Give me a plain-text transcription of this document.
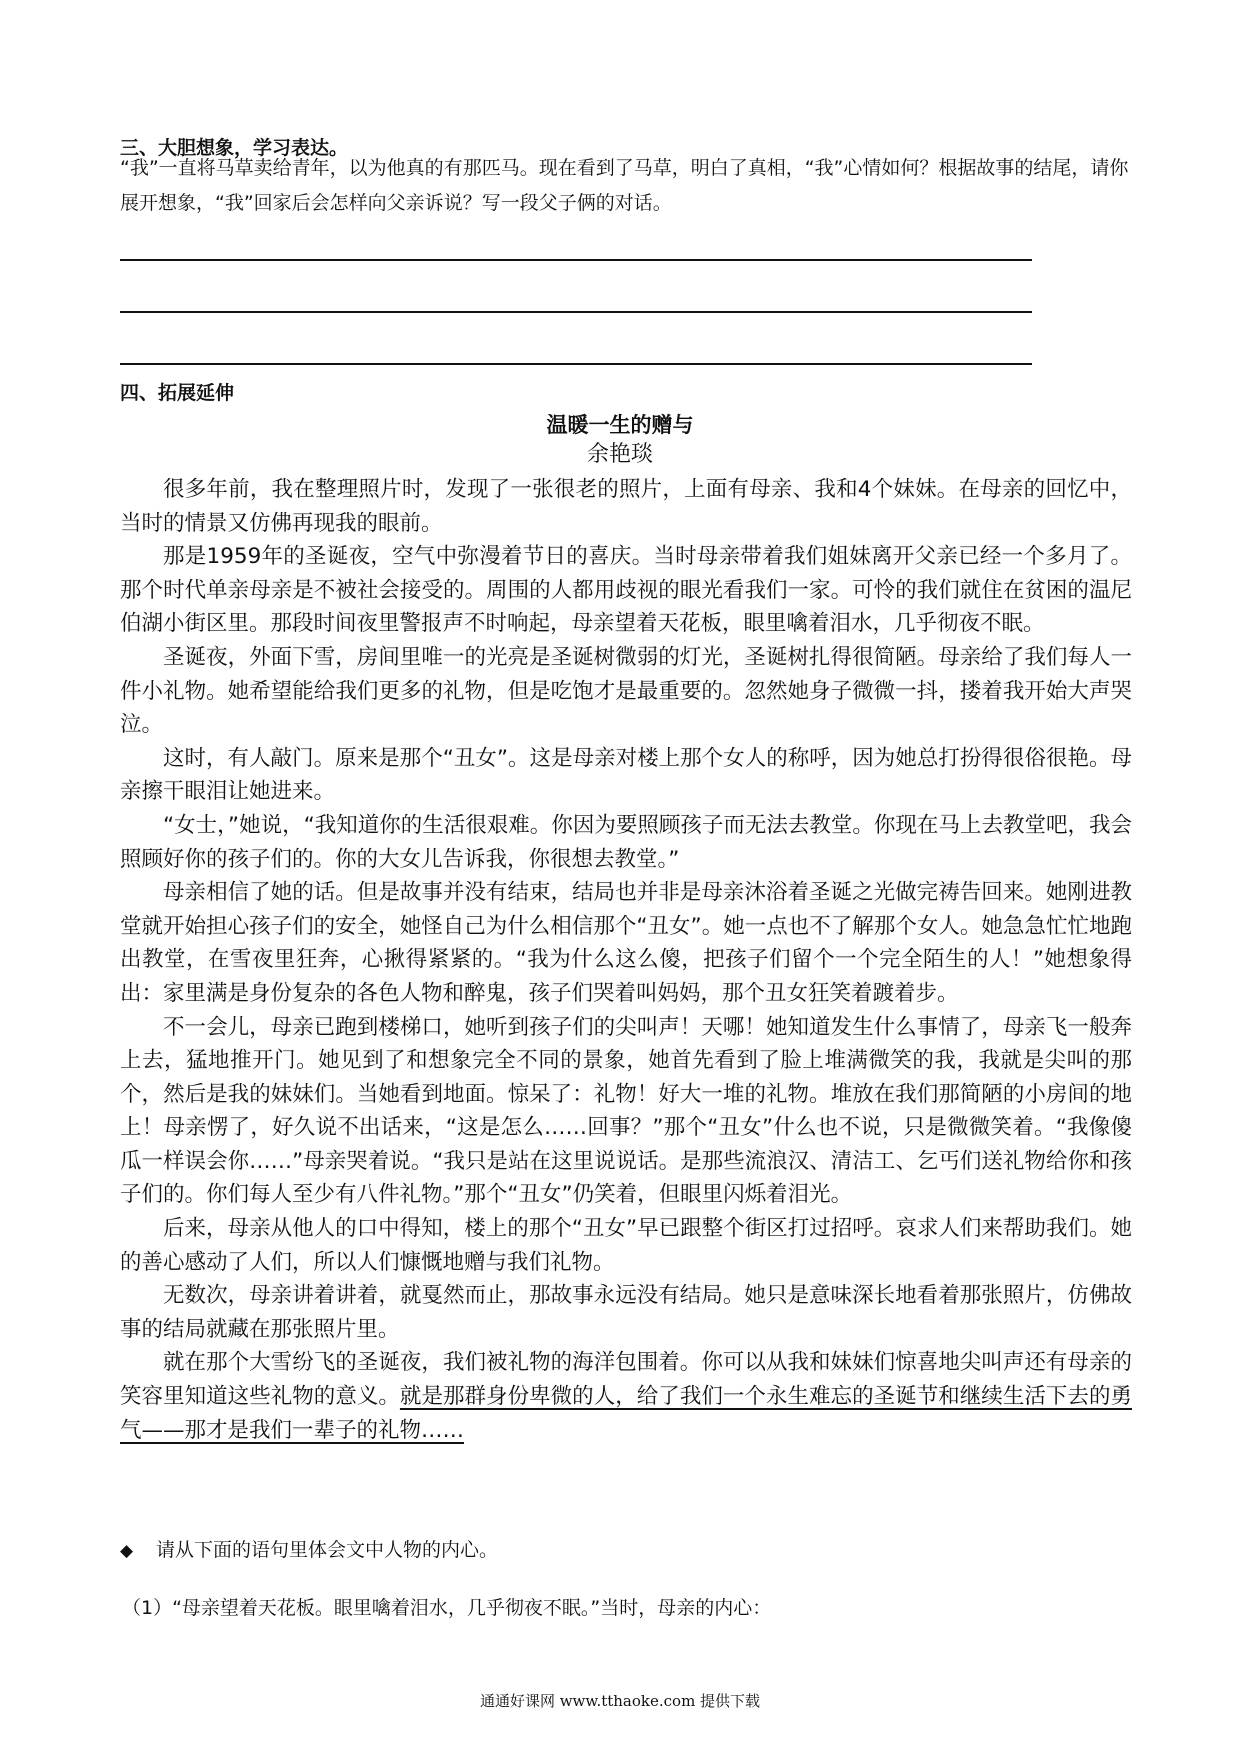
三、大胆想象，学习表达。
“我”一直将马草卖给青年，以为他真的有那匹马。现在看到了马草，明白了真相，“我”心情如何？根据故事的结尾，请你展开想象，“我”回家后会怎样向父亲诉说？写一段父子俩的对话。
四、拓展延伸
温暖一生的赠与
余艳琰

很多年前，我在整理照片时，发现了一张很老的照片，上面有母亲、我和4个妹妹。在母亲的回忆中，当时的情景又仿佛再现我的眼前。

那是1959年的圣诞夜，空气中弥漫着节日的喜庆。当时母亲带着我们姐妹离开父亲已经一个多月了。那个时代单亲母亲是不被社会接受的。周围的人都用歧视的眼光看我们一家。可怜的我们就住在贫困的温尼伯湖小街区里。那段时间夜里警报声不时响起，母亲望着天花板，眼里噙着泪水，几乎彻夜不眠。

圣诞夜，外面下雪，房间里唯一的光亮是圣诞树微弱的灯光，圣诞树扎得很简陋。母亲给了我们每人一件小礼物。她希望能给我们更多的礼物，但是吃饱才是最重要的。忽然她身子微微一抖，搂着我开始大声哭泣。

这时，有人敲门。原来是那个“丑女”。这是母亲对楼上那个女人的称呼，因为她总打扮得很俗很艳。母亲擦干眼泪让她进来。

“女士，”她说，“我知道你的生活很艰难。你因为要照顾孩子而无法去教堂。你现在马上去教堂吧，我会照顾好你的孩子们的。你的大女儿告诉我，你很想去教堂。”

母亲相信了她的话。但是故事并没有结束，结局也并非是母亲沐浴着圣诞之光做完祷告回来。她刚进教堂就开始担心孩子们的安全，她怪自己为什么相信那个“丑女”。她一点也不了解那个女人。她急急忙忙地跑出教堂，在雪夜里狂奔，心揪得紧紧的。“我为什么这么傻，把孩子们留个一个完全陌生的人！”她想象得出：家里满是身份复杂的各色人物和醉鬼，孩子们哭着叫妈妈，那个丑女狂笑着踱着步。

不一会儿，母亲已跑到楼梯口，她听到孩子们的尖叫声！天哪！她知道发生什么事情了，母亲飞一般奔上去，猛地推开门。她见到了和想象完全不同的景象，她首先看到了脸上堆满微笑的我，我就是尖叫的那个，然后是我的妹妹们。当她看到地面。惊呆了：礼物！好大一堆的礼物。堆放在我们那简陋的小房间的地上！母亲愣了，好久说不出话来，“这是怎么……回事？”那个“丑女”什么也不说，只是微微笑着。“我像傻瓜一样误会你……”母亲哭着说。“我只是站在这里说说话。是那些流浪汉、清洁工、乞丐们送礼物给你和孩子们的。你们每人至少有八件礼物。”那个“丑女”仍笑着，但眼里闪烁着泪光。

后来，母亲从他人的口中得知，楼上的那个“丑女”早已跟整个街区打过招呼。哀求人们来帮助我们。她的善心感动了人们，所以人们慷慨地赠与我们礼物。

无数次，母亲讲着讲着，就戛然而止，那故事永远没有结局。她只是意味深长地看着那张照片，仿佛故事的结局就藏在那张照片里。

就在那个大雪纷飞的圣诞夜，我们被礼物的海洋包围着。你可以从我和妹妹们惊喜地尖叫声还有母亲的笑容里知道这些礼物的意义。就是那群身份卑微的人，给了我们一个永生难忘的圣诞节和继续生活下去的勇气——那才是我们一辈子的礼物……

◆ 请从下面的语句里体会文中人物的内心。
（1）“母亲望着天花板。眼里噙着泪水，几乎彻夜不眠。”当时，母亲的内心：
通通好课网 www.tthaoke.com 提供下载
